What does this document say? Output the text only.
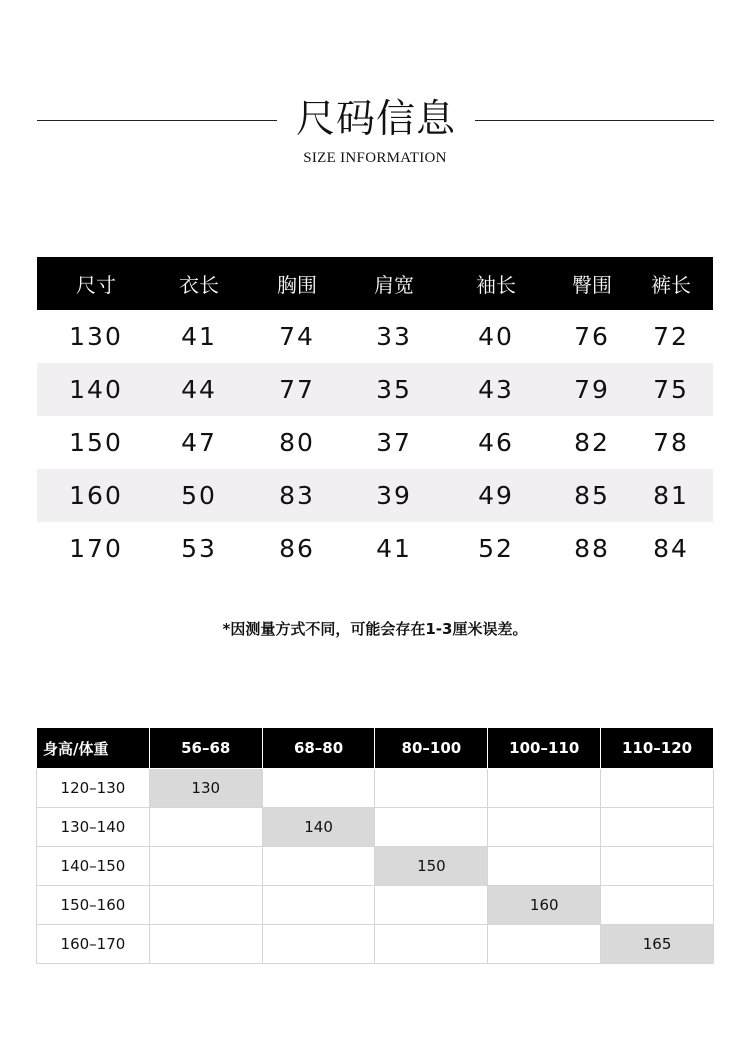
尺码信息
SIZE INFORMATION
尺寸	衣长	胸围	肩宽	袖长	臀围	裤长
130	41	74	33	40	76	72
140	44	77	35	43	79	75
150	47	80	37	46	82	78
160	50	83	39	49	85	81
170	53	86	41	52	88	84
*因测量方式不同，可能会存在1-3厘米误差。
身高/体重	56–68	68–80	80–100	100–110	110–120
120–130	130				
130–140		140			
140–150			150		
150–160				160	
160–170					165
